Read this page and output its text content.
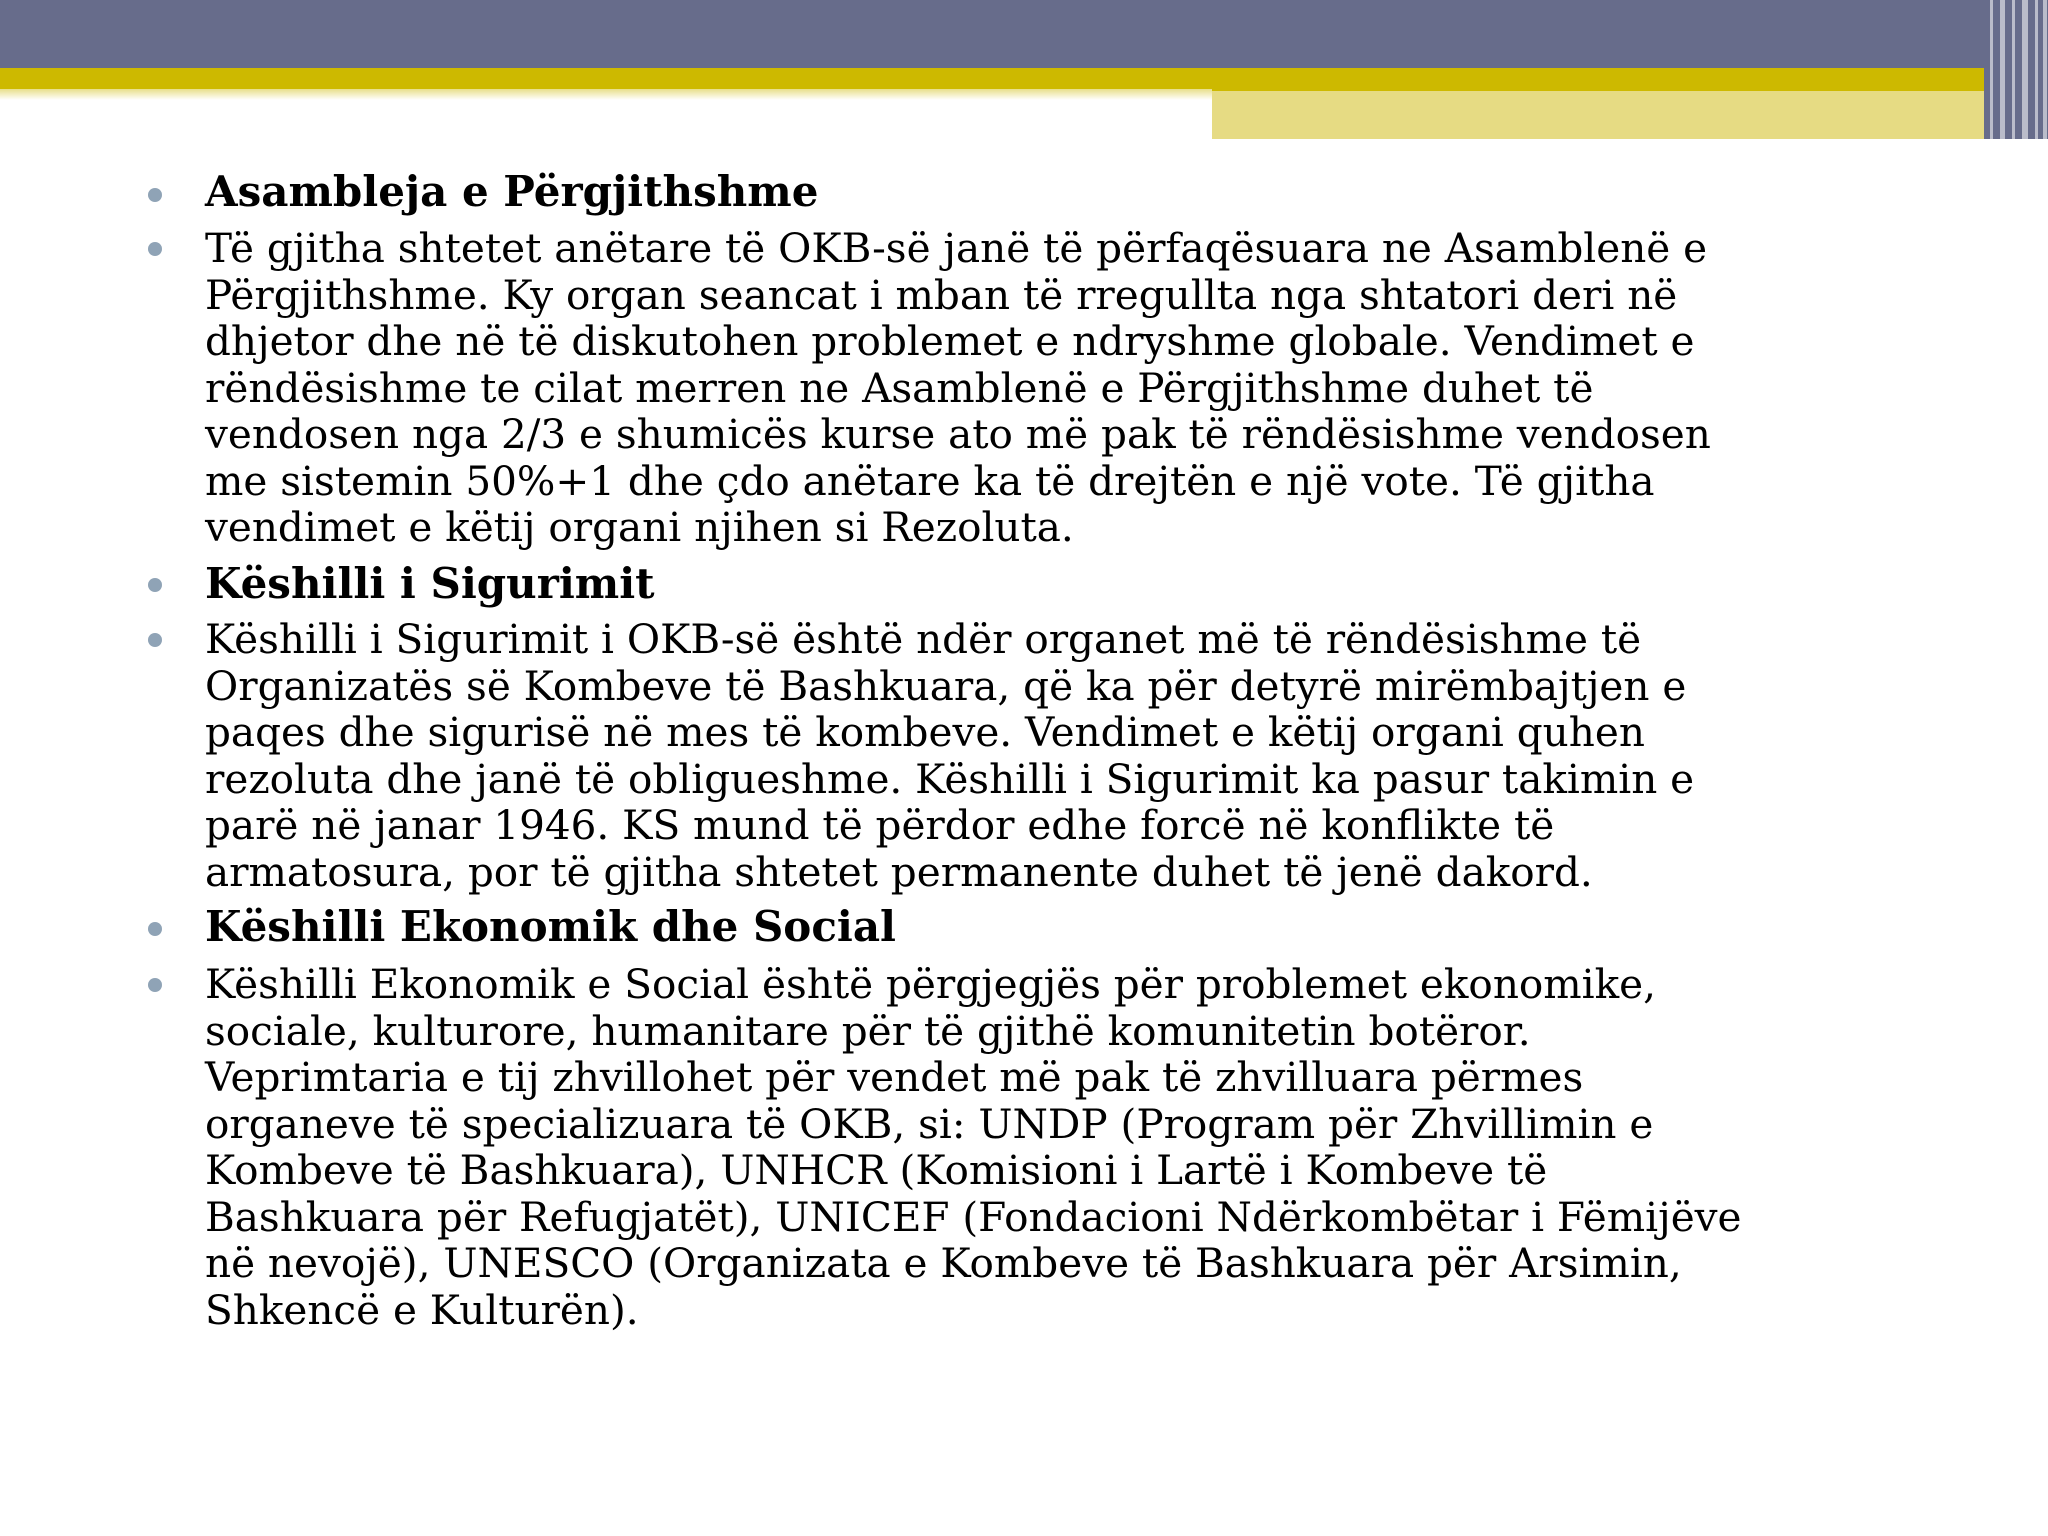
Asambleja e Përgjithshme
Të gjitha shtetet anëtare të OKB-së janë të përfaqësuara ne Asamblenë e
Përgjithshme. Ky organ seancat i mban të rregullta nga shtatori deri në
dhjetor dhe në të diskutohen problemet e ndryshme globale. Vendimet e
rëndësishme te cilat merren ne Asamblenë e Përgjithshme duhet të
vendosen nga 2/3 e shumicës kurse ato më pak të rëndësishme vendosen
me sistemin 50%+1 dhe çdo anëtare ka të drejtën e një vote. Të gjitha
vendimet e këtij organi njihen si Rezoluta.
Këshilli i Sigurimit
Këshilli i Sigurimit i OKB-së është ndër organet më të rëndësishme të
Organizatës së Kombeve të Bashkuara, që ka për detyrë mirëmbajtjen e
paqes dhe sigurisë në mes të kombeve. Vendimet e këtij organi quhen
rezoluta dhe janë të obligueshme. Këshilli i Sigurimit ka pasur takimin e
parë në janar 1946. KS mund të përdor edhe forcë në konflikte të
armatosura, por të gjitha shtetet permanente duhet të jenë dakord.
Këshilli Ekonomik dhe Social
Këshilli Ekonomik e Social është përgjegjës për problemet ekonomike,
sociale, kulturore, humanitare për të gjithë komunitetin botëror.
Veprimtaria e tij zhvillohet për vendet më pak të zhvilluara përmes
organeve të specializuara të OKB, si: UNDP (Program për Zhvillimin e
Kombeve të Bashkuara), UNHCR (Komisioni i Lartë i Kombeve të
Bashkuara për Refugjatët), UNICEF (Fondacioni Ndërkombëtar i Fëmijëve
në nevojë), UNESCO (Organizata e Kombeve të Bashkuara për Arsimin,
Shkencë e Kulturën).
